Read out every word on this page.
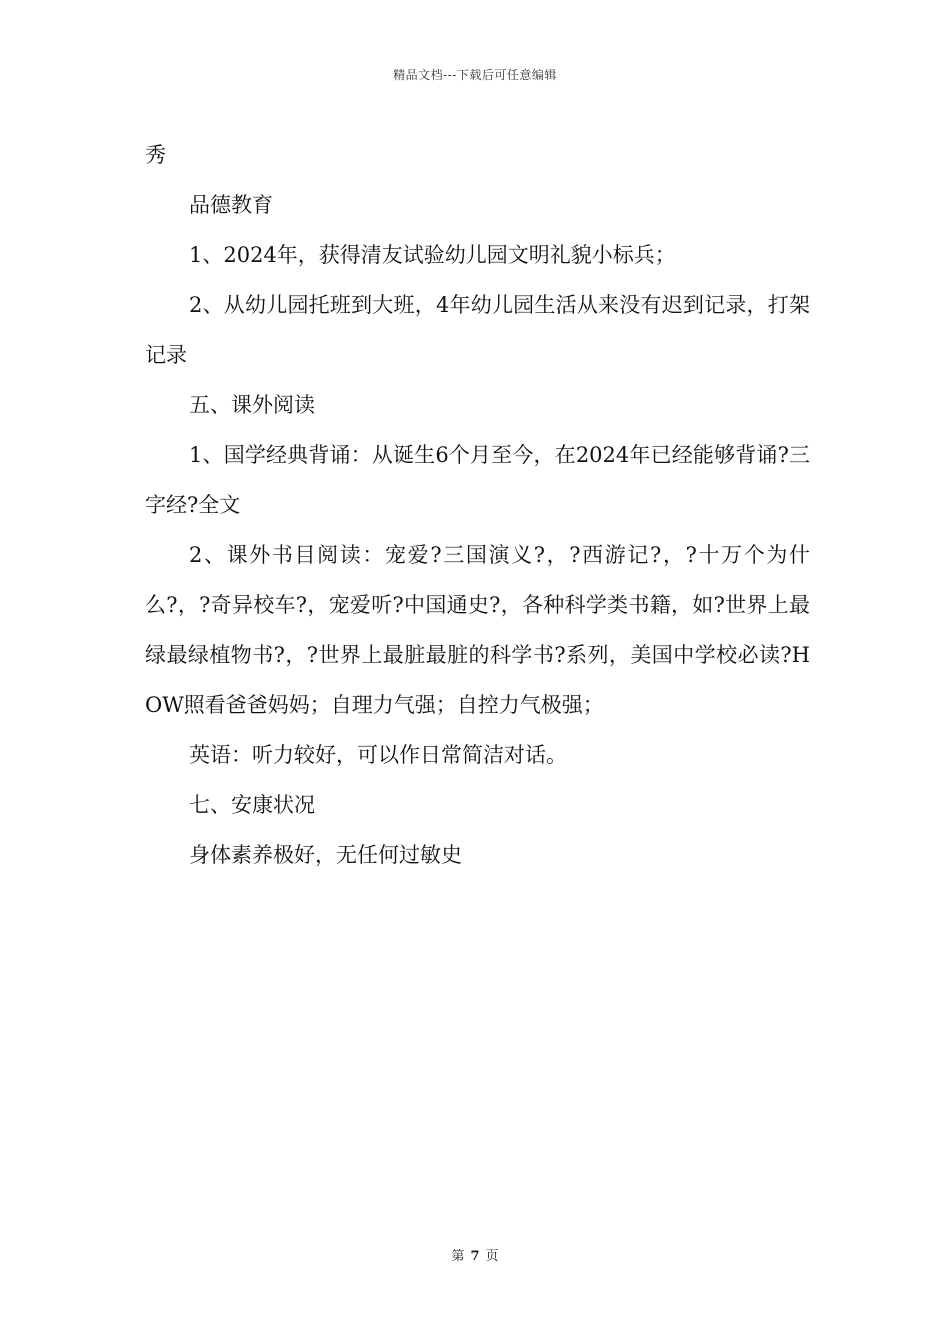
精品文档---下载后可任意编辑

秀

品德教育

1、2024年，获得清友试验幼儿园文明礼貌小标兵；

2、从幼儿园托班到大班，4年幼儿园生活从来没有迟到记录，打架记录

五、课外阅读

1、国学经典背诵：从诞生6个月至今，在2024年已经能够背诵?三字经?全文

2、课外书目阅读：宠爱?三国演义?，?西游记?，?十万个为什么?，?奇异校车?，宠爱听?中国通史?，各种科学类书籍，如?世界上最绿最绿植物书?，?世界上最脏最脏的科学书?系列，美国中学校必读?HOW照看爸爸妈妈；自理力气强；自控力气极强；

英语：听力较好，可以作日常简洁对话。

七、安康状况

身体素养极好，无任何过敏史

第 7 页
